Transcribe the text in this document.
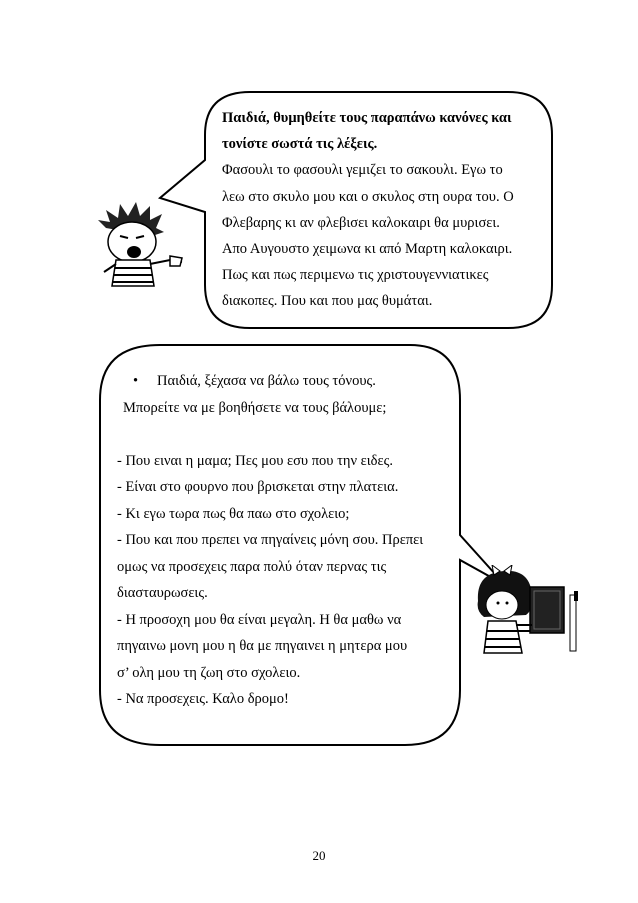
Παιδιά, θυμηθείτε τους παραπάνω κανόνες και
τονίστε σωστά τις λέξεις.
Φασουλι το φασουλι γεμιζει το σακουλι. Εγω το
λεω στο σκυλο μου και ο σκυλος στη ουρα του. Ο
Φλεβαρης κι αν φλεβισει καλοκαιρι θα μυρισει.
Απο Αυγουστο χειμωνα κι από Μαρτη καλοκαιρι.
Πως και πως περιμενω τις χριστουγεννιατικες
διακοπες. Που και που μας θυμάται.
•	Παιδιά, ξέχασα να βάλω τους τόνους.
Μπορείτε να με βοηθήσετε να τους βάλουμε;
- Που ειναι η μαμα; Πες μου εσυ που την ειδες.
- Είναι στο φουρνο που βρισκεται στην πλατεια.
- Κι εγω τωρα πως θα παω στο σχολειο;
- Που και που πρεπει να πηγαίνεις μόνη σου. Πρεπει
ομως να προσεχεις παρα πολύ όταν περνας τις
διασταυρωσεις.
- Η προσοχη μου θα είναι μεγαλη. Η θα μαθω να
πηγαινω μονη μου η θα με πηγαινει η μητερα μου
σ’ ολη μου τη ζωη στο σχολειο.
- Να προσεχεις. Καλο δρομο!
20
